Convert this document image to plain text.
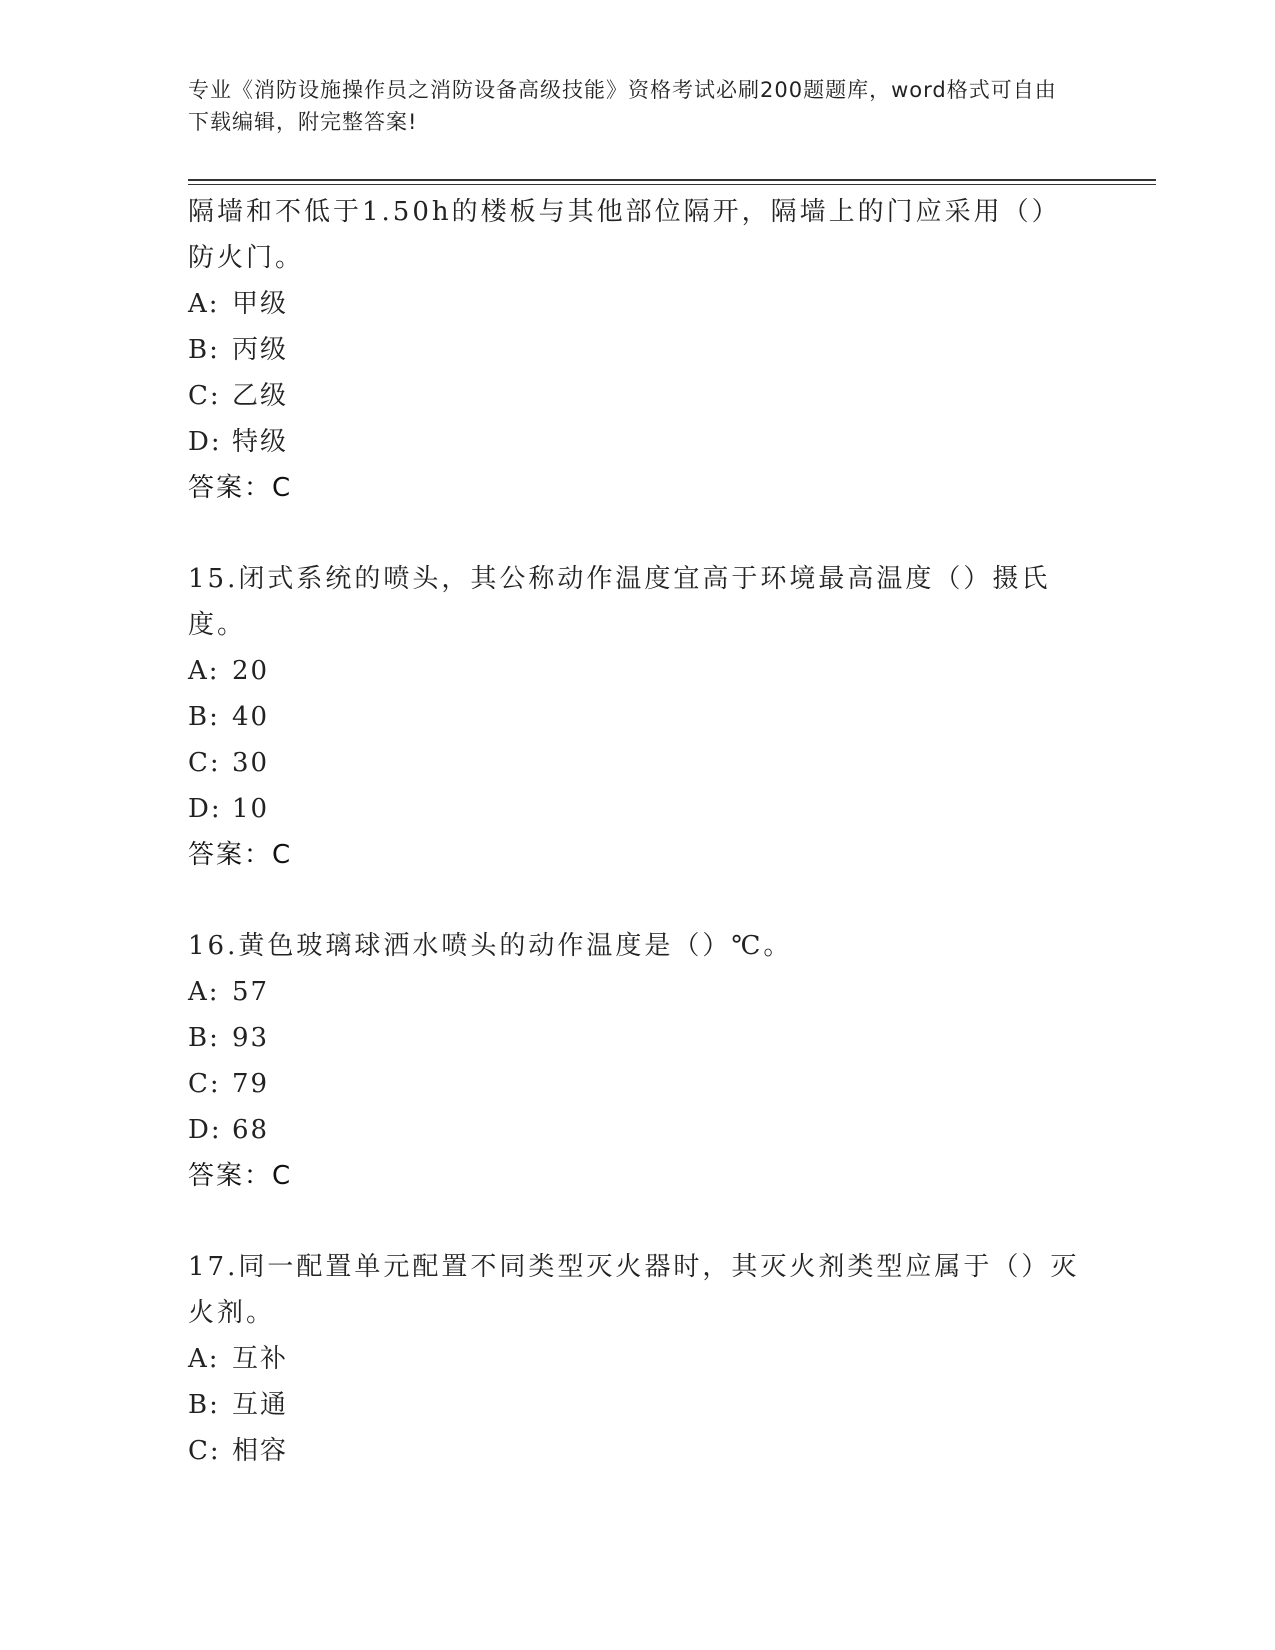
专业《消防设施操作员之消防设备高级技能》资格考试必刷200题题库，word格式可自由下载编辑，附完整答案!

隔墙和不低于1.50h的楼板与其他部位隔开，隔墙上的门应采用（）防火门。

A: 甲级

B: 丙级

C: 乙级

D: 特级

答案：C

15.闭式系统的喷头，其公称动作温度宜高于环境最高温度（）摄氏度。

A: 20

B: 40

C: 30

D: 10

答案：C

16.黄色玻璃球洒水喷头的动作温度是（）℃。

A: 57

B: 93

C: 79

D: 68

答案：C

17.同一配置单元配置不同类型灭火器时，其灭火剂类型应属于（）灭火剂。

A: 互补

B: 互通

C: 相容
